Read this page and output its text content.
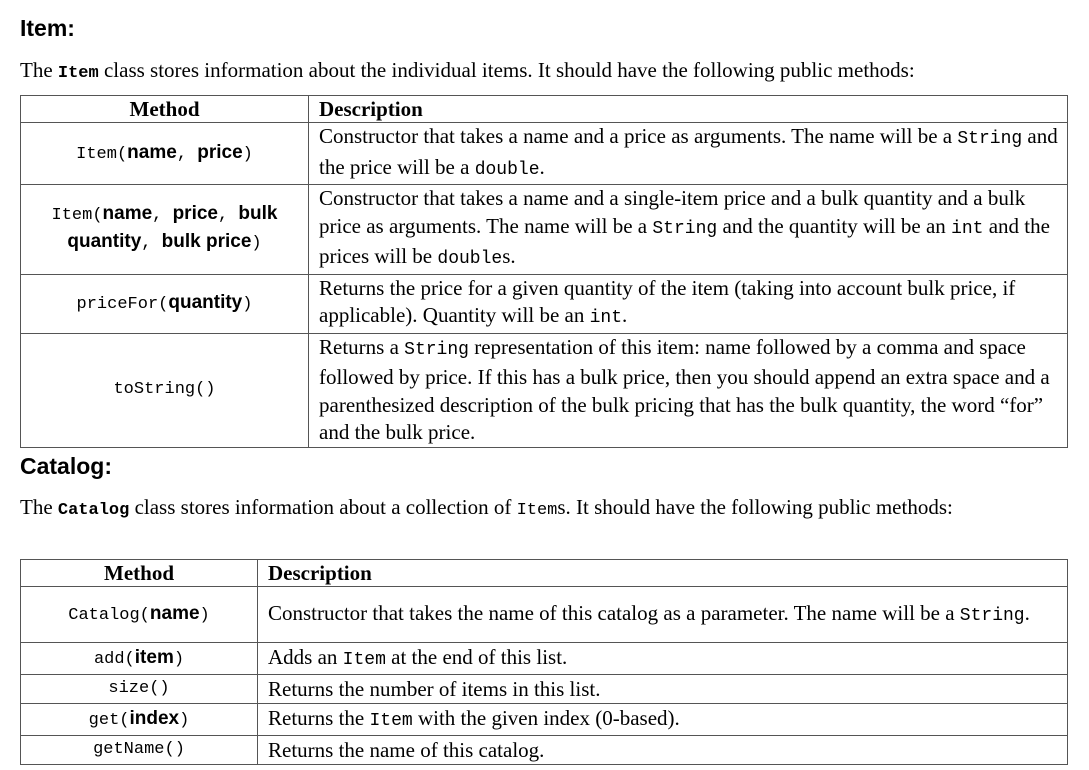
Item:

The Item class stores information about the individual items. It should have the following public methods:

Method	Description
Item(name, price)	Constructor that takes a name and a price as arguments. The name will be a String and the price will be a double.
Item(name, price, bulk quantity, bulk price)	Constructor that takes a name and a single-item price and a bulk quantity and a bulk price as arguments. The name will be a String and the quantity will be an int and the prices will be doubles.
priceFor(quantity)	Returns the price for a given quantity of the item (taking into account bulk price, if applicable). Quantity will be an int.
toString()	Returns a String representation of this item: name followed by a comma and space followed by price. If this has a bulk price, then you should append an extra space and a parenthesized description of the bulk pricing that has the bulk quantity, the word “for” and the bulk price.
Catalog:

The Catalog class stores information about a collection of Items. It should have the following public methods:

Method	Description
Catalog(name)	Constructor that takes the name of this catalog as a parameter. The name will be a String.
add(item)	Adds an Item at the end of this list.
size()	Returns the number of items in this list.
get(index)	Returns the Item with the given index (0-based).
getName()	Returns the name of this catalog.
